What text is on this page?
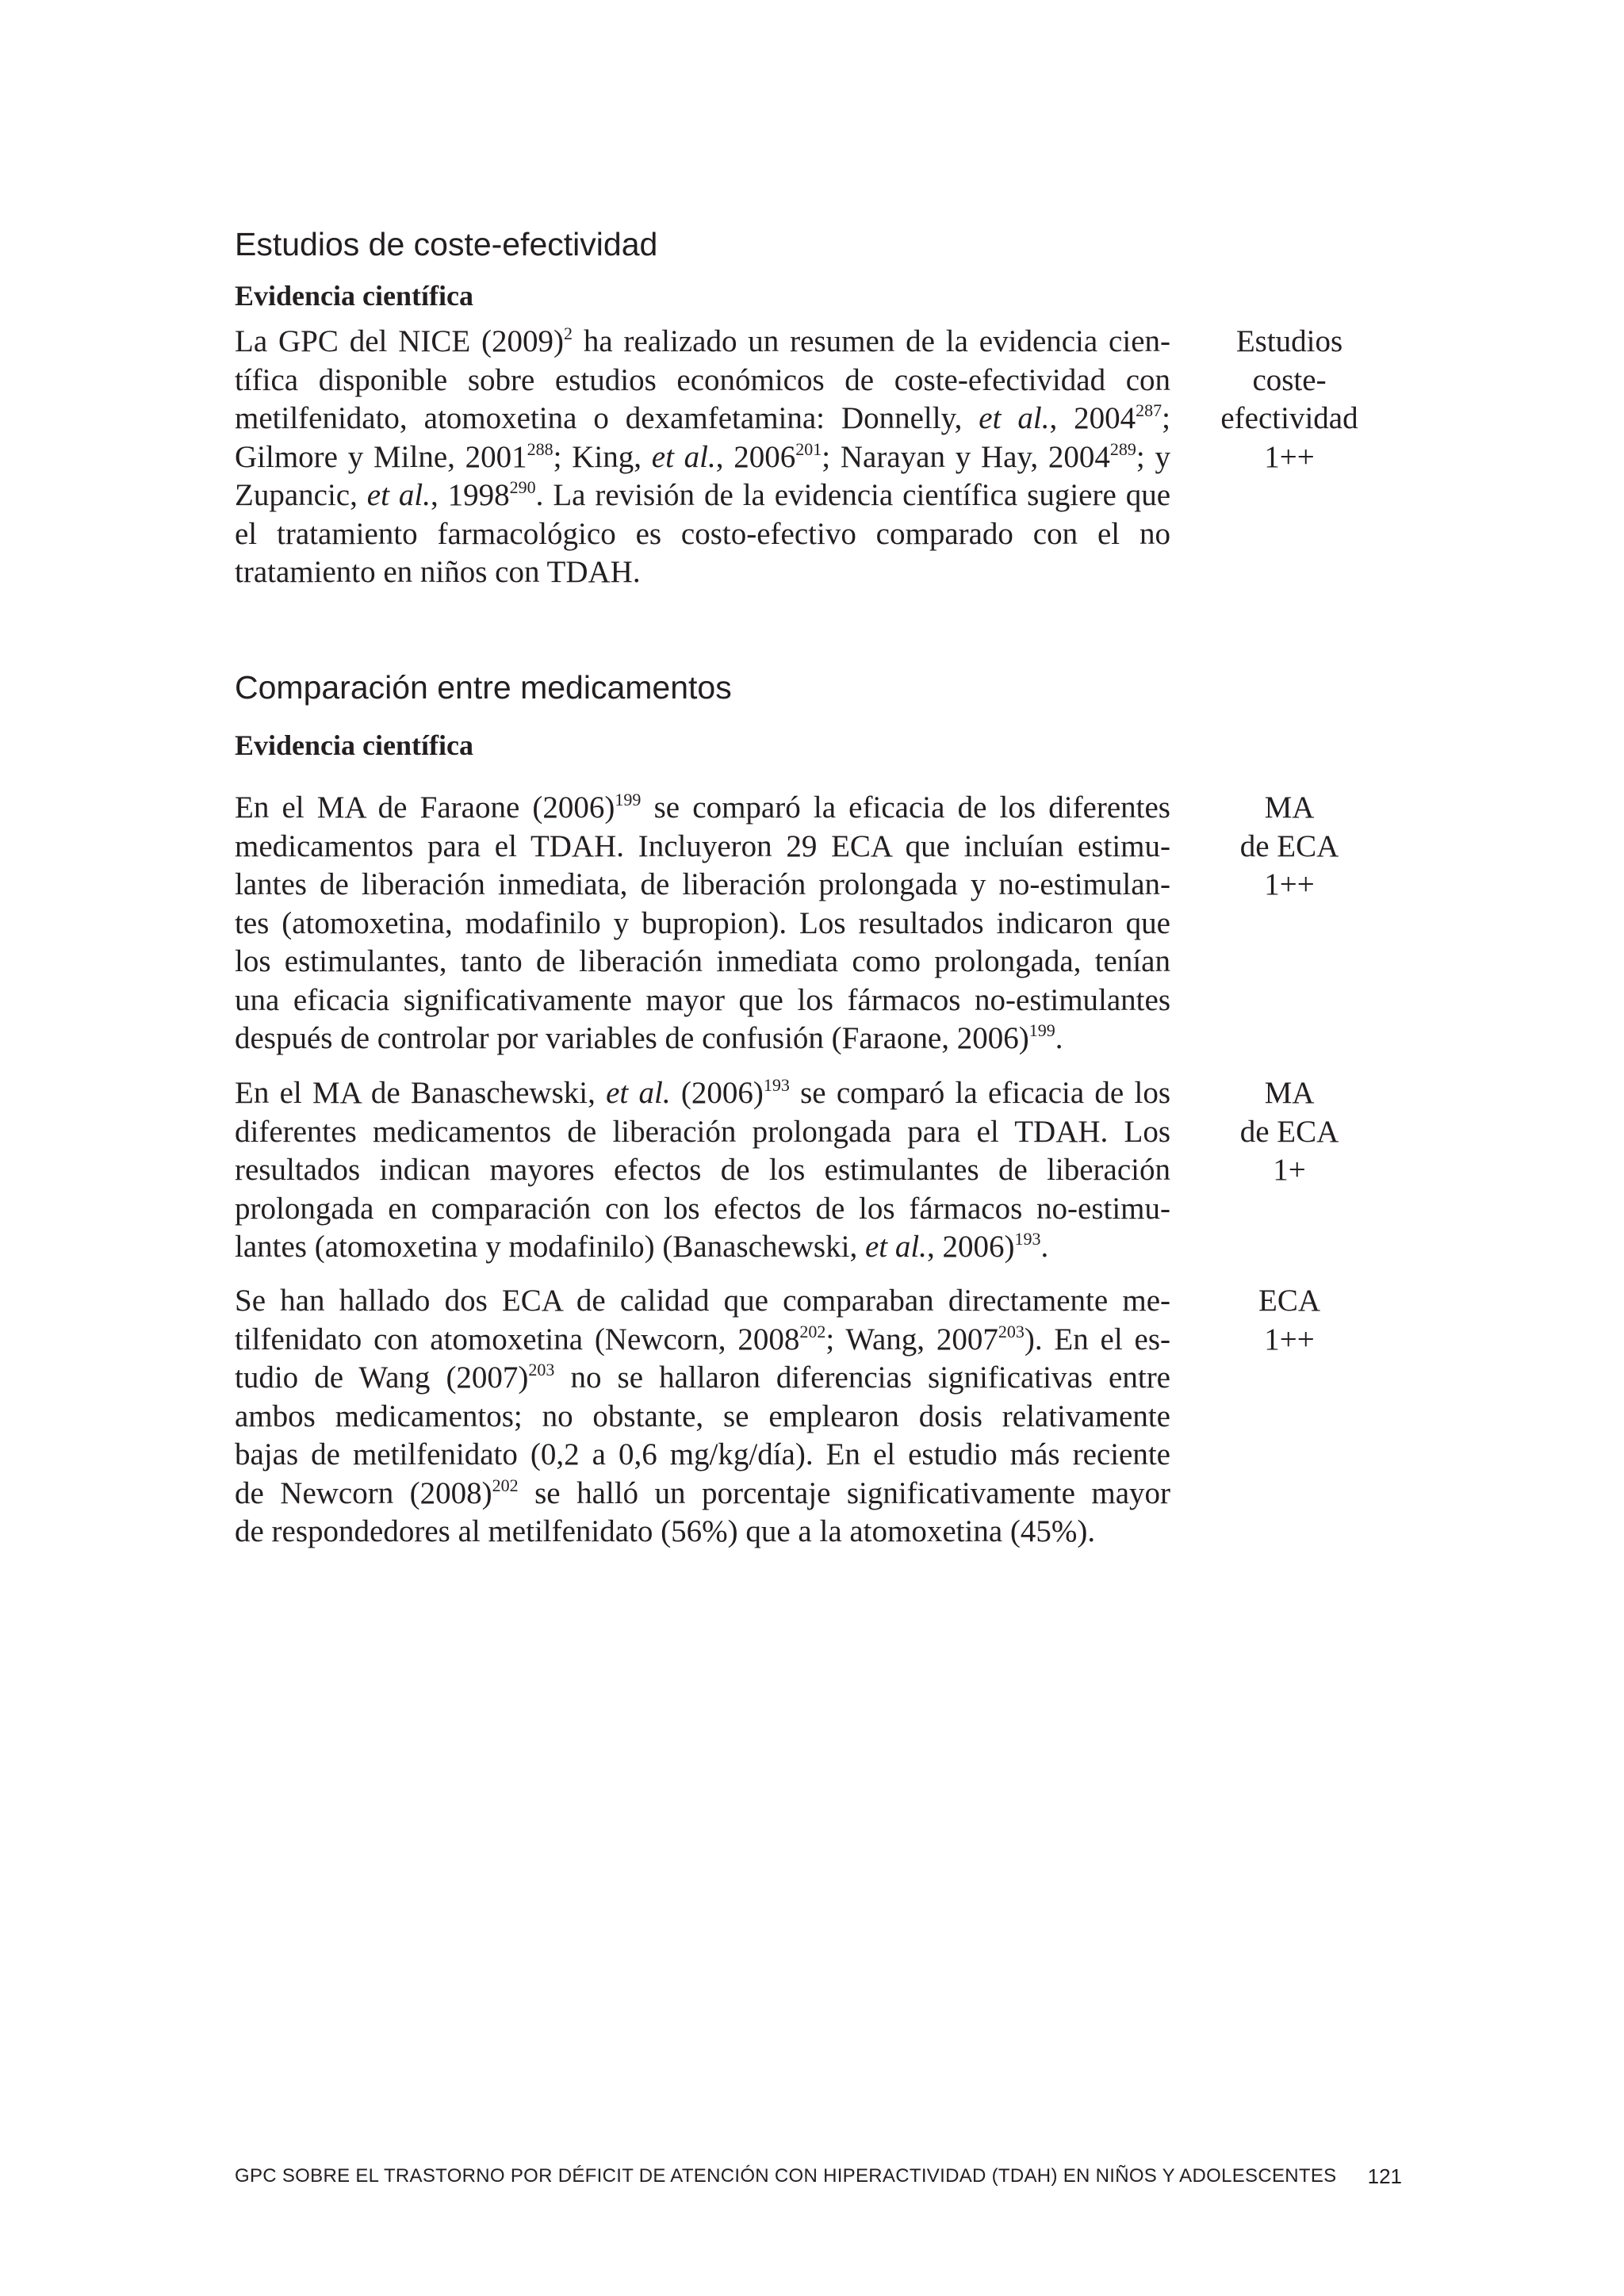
Estudios de coste-efectividad
Evidencia científica
La GPC del NICE $(2009)^2$ ha realizado un resumen de la evidencia cien-
tífica disponible sobre estudios económicos de coste-efectividad con
metilfenidato, atomoxetina o dexamfetamina: Donnelly, et al., 2004$^{287}$;
Gilmore y Milne, 2001$^{288}$; King, et al., 2006$^{201}$; Narayan y Hay, 2004$^{289}$; y
Zupancic, et al., 1998$^{290}$. La revisión de la evidencia científica sugiere que
el tratamiento farmacológico es costo-efectivo comparado con el no
tratamiento en niños con TDAH.
Estudios
coste-
efectividad
1++
Comparación entre medicamentos
Evidencia científica
En el MA de Faraone $(2006)^{199}$ se comparó la eficacia de los diferentes
medicamentos para el TDAH. Incluyeron 29 ECA que incluían estimu-
lantes de liberación inmediata, de liberación prolongada y no-estimulan-
tes (atomoxetina, modafinilo y bupropion). Los resultados indicaron que
los estimulantes, tanto de liberación inmediata como prolongada, tenían
una eficacia significativamente mayor que los fármacos no-estimulantes
después de controlar por variables de confusión (Faraone, 2006)$^{199}$.
MA
de ECA
1++
En el MA de Banaschewski, et al. $(2006)^{193}$ se comparó la eficacia de los
diferentes medicamentos de liberación prolongada para el TDAH. Los
resultados indican mayores efectos de los estimulantes de liberación
prolongada en comparación con los efectos de los fármacos no-estimu-
lantes (atomoxetina y modafinilo) (Banaschewski, et al., 2006)$^{193}$.
MA
de ECA
1+
Se han hallado dos ECA de calidad que comparaban directamente me-
tilfenidato con atomoxetina (Newcorn, 2008$^{202}$; Wang, 2007$^{203}$). En el es-
tudio de Wang $(2007)^{203}$ no se hallaron diferencias significativas entre
ambos medicamentos; no obstante, se emplearon dosis relativamente
bajas de metilfenidato (0,2 a 0,6 mg/kg/día). En el estudio más reciente
de Newcorn $(2008)^{202}$ se halló un porcentaje significativamente mayor
de respondedores al metilfenidato (56%) que a la atomoxetina (45%).
ECA
1++
GPC SOBRE EL TRASTORNO POR DÉFICIT DE ATENCIÓN CON HIPERACTIVIDAD (TDAH) EN NIÑOS Y ADOLESCENTES 121
